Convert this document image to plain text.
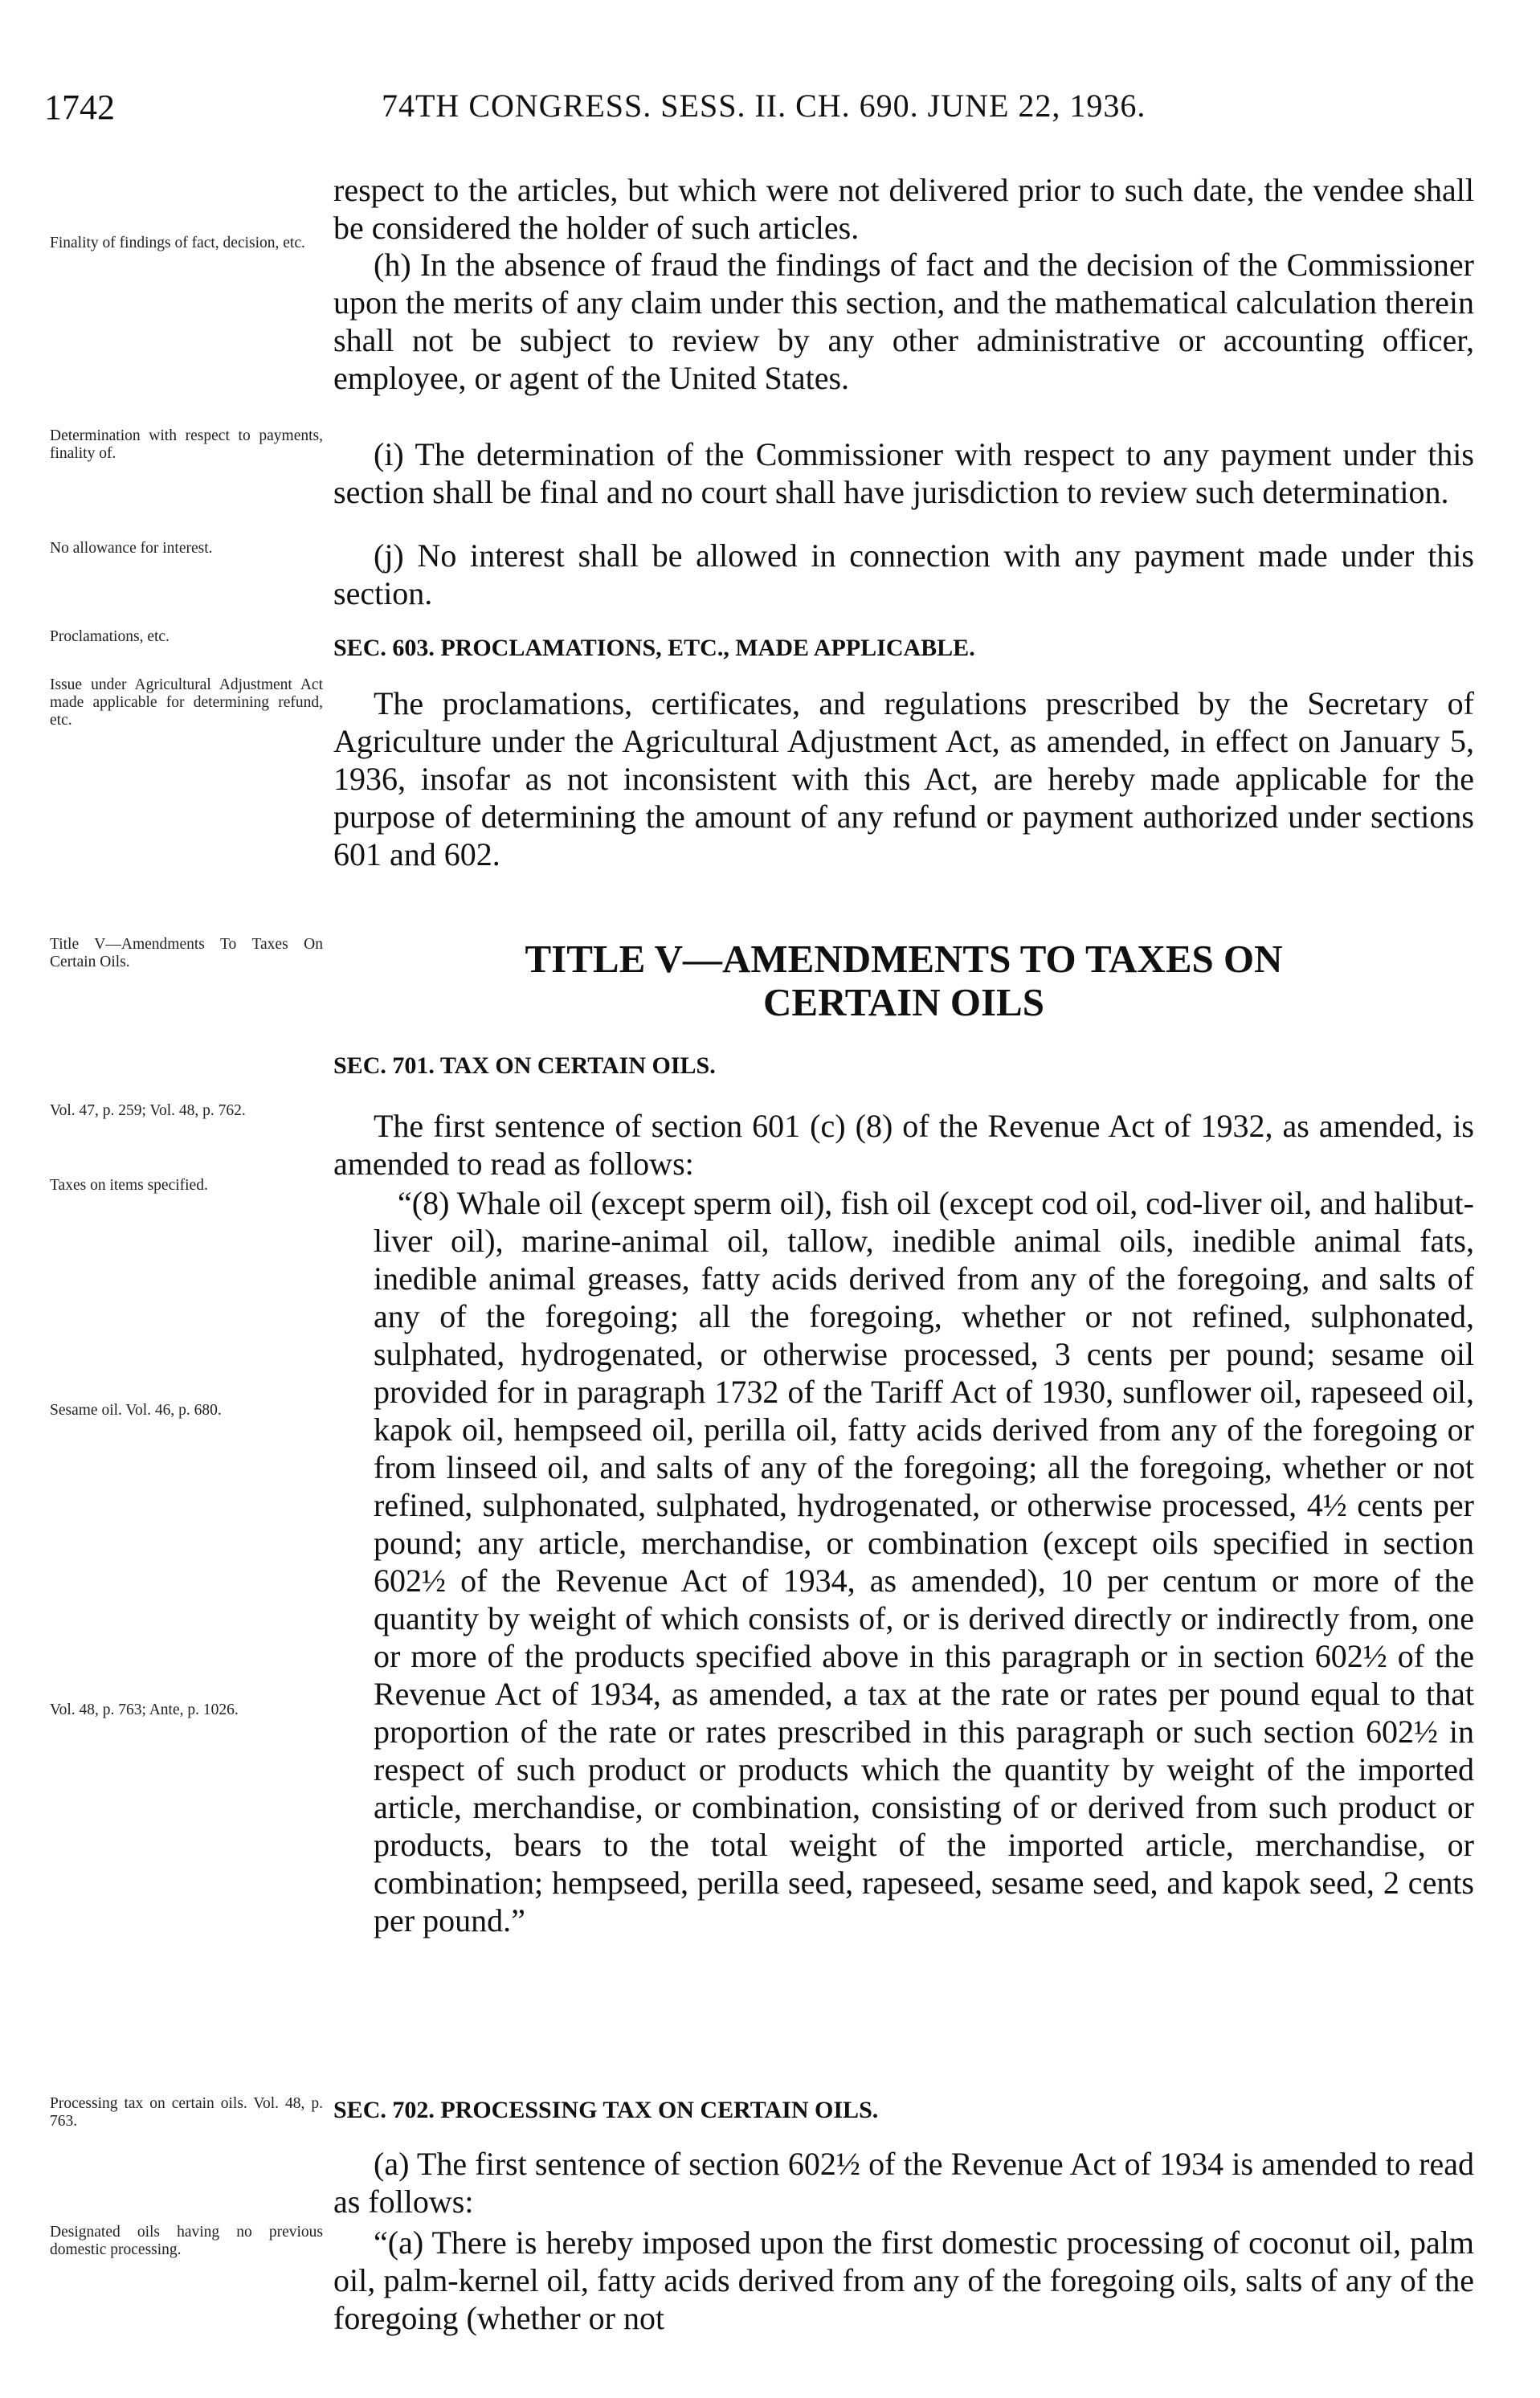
1742	74TH CONGRESS. SESS. II. CH. 690. JUNE 22, 1936.
Finality of findings of fact, decision, etc.
Determination with respect to payments, finality of.
No allowance for interest.
Proclamations, etc.
Issue under Agricultural Adjustment Act made applicable for determining refund, etc.
Title V—Amendments To Taxes On Certain Oils.
Vol. 47, p. 259; Vol. 48, p. 762.
Taxes on items specified.
Sesame oil. Vol. 46, p. 680.
Vol. 48, p. 763; Ante, p. 1026.
Processing tax on certain oils. Vol. 48, p. 763.
Designated oils having no previous domestic processing.

respect to the articles, but which were not delivered prior to such date, the vendee shall be considered the holder of such articles.

(h) In the absence of fraud the findings of fact and the decision of the Commissioner upon the merits of any claim under this section, and the mathematical calculation therein shall not be subject to review by any other administrative or accounting officer, employee, or agent of the United States.

(i) The determination of the Commissioner with respect to any payment under this section shall be final and no court shall have jurisdiction to review such determination.

(j) No interest shall be allowed in connection with any payment made under this section.

SEC. 603. PROCLAMATIONS, ETC., MADE APPLICABLE.

The proclamations, certificates, and regulations prescribed by the Secretary of Agriculture under the Agricultural Adjustment Act, as amended, in effect on January 5, 1936, insofar as not inconsistent with this Act, are hereby made applicable for the purpose of determining the amount of any refund or payment authorized under sections 601 and 602.

TITLE V—AMENDMENTS TO TAXES ON
CERTAIN OILS
SEC. 701. TAX ON CERTAIN OILS.

The first sentence of section 601 (c) (8) of the Revenue Act of 1932, as amended, is amended to read as follows:

“(8) Whale oil (except sperm oil), fish oil (except cod oil, cod-liver oil, and halibut-liver oil), marine-animal oil, tallow, inedible animal oils, inedible animal fats, inedible animal greases, fatty acids derived from any of the foregoing, and salts of any of the foregoing; all the foregoing, whether or not refined, sulphonated, sulphated, hydrogenated, or otherwise processed, 3 cents per pound; sesame oil provided for in paragraph 1732 of the Tariff Act of 1930, sunflower oil, rapeseed oil, kapok oil, hempseed oil, perilla oil, fatty acids derived from any of the foregoing or from linseed oil, and salts of any of the foregoing; all the foregoing, whether or not refined, sulphonated, sulphated, hydrogenated, or otherwise processed, 4½ cents per pound; any article, merchandise, or combination (except oils specified in section 602½ of the Revenue Act of 1934, as amended), 10 per centum or more of the quantity by weight of which consists of, or is derived directly or indirectly from, one or more of the products specified above in this paragraph or in section 602½ of the Revenue Act of 1934, as amended, a tax at the rate or rates per pound equal to that proportion of the rate or rates prescribed in this paragraph or such section 602½ in respect of such product or products which the quantity by weight of the imported article, merchandise, or combination, consisting of or derived from such product or products, bears to the total weight of the imported article, merchandise, or combination; hempseed, perilla seed, rapeseed, sesame seed, and kapok seed, 2 cents per pound.”

SEC. 702. PROCESSING TAX ON CERTAIN OILS.

(a) The first sentence of section 602½ of the Revenue Act of 1934 is amended to read as follows:

“(a) There is hereby imposed upon the first domestic processing of coconut oil, palm oil, palm-kernel oil, fatty acids derived from any of the foregoing oils, salts of any of the foregoing (whether or not
